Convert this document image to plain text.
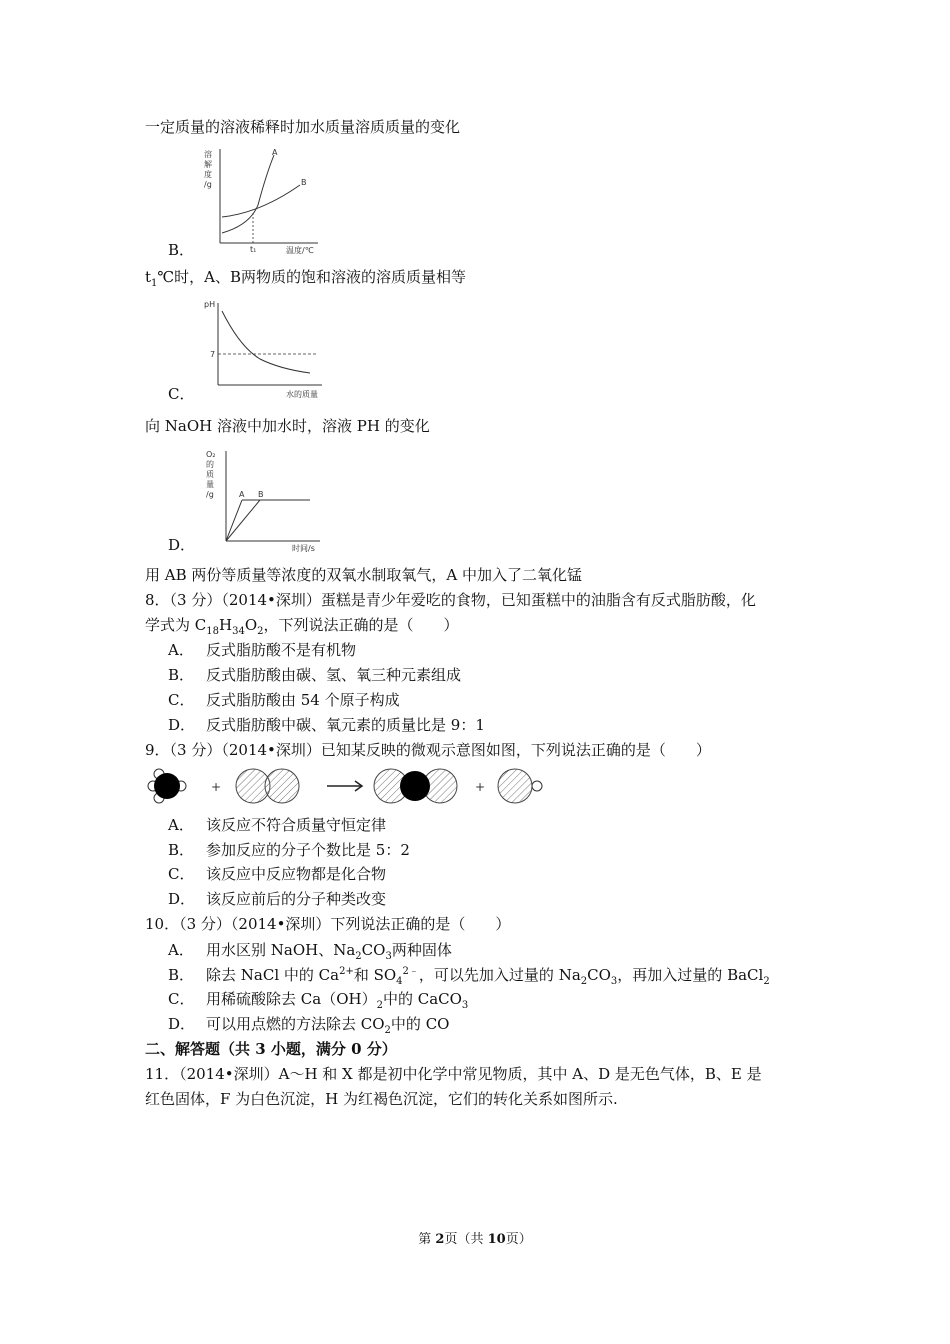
一定质量的溶液稀释时加水质量溶质质量的变化
溶
解
度
/g
A
B
t₁	温度/℃
B．
$t_1℃$时，A、B两物质的饱和溶液的溶质质量相等
pH
7
水的质量
C．
向 NaOH 溶液中加水时，溶液 PH 的变化
O₂
的
质
量
/g	A B
时间/s
D．
用 AB 两份等质量等浓度的双氧水制取氧气，A 中加入了二氧化锰
8．（3 分）（2014•深圳）蛋糕是青少年爱吃的食物，已知蛋糕中的油脂含有反式脂肪酸，化
学式为 $C_{18}H_{34}O_2$，下列说法正确的是（　　）
A． 反式脂肪酸不是有机物
B． 反式脂肪酸由碳、氢、氧三种元素组成
C． 反式脂肪酸由 54 个原子构成
D． 反式脂肪酸中碳、氧元素的质量比是 9：1
9．（3 分）（2014•深圳）已知某反映的微观示意图如图，下列说法正确的是（　　）
+	+
A． 该反应不符合质量守恒定律
B． 参加反应的分子个数比是 5：2
C． 该反应中反应物都是化合物
D． 该反应前后的分子种类改变
10．（3 分）（2014•深圳）下列说法正确的是（　　）
A． 用水区别 NaOH、$Na_2CO_3$两种固体
B． 除去 NaCl 中的 $Ca^{2+}$和 $SO_4^{2﹣}$，可以先加入过量的 $Na_2CO_3$，再加入过量的 BaCl$_2$
C． 用稀硫酸除去 $Ca(OH)_2$中的 CaCO$_3$
D． 可以用点燃的方法除去 $CO_2$中的 CO
二、解答题（共 3 小题，满分 0 分）
11．（2014•深圳）A～H 和 X 都是初中化学中常见物质，其中 A、D 是无色气体，B、E 是
红色固体，F 为白色沉淀，H 为红褐色沉淀，它们的转化关系如图所示.
第 2页（共 10页）
